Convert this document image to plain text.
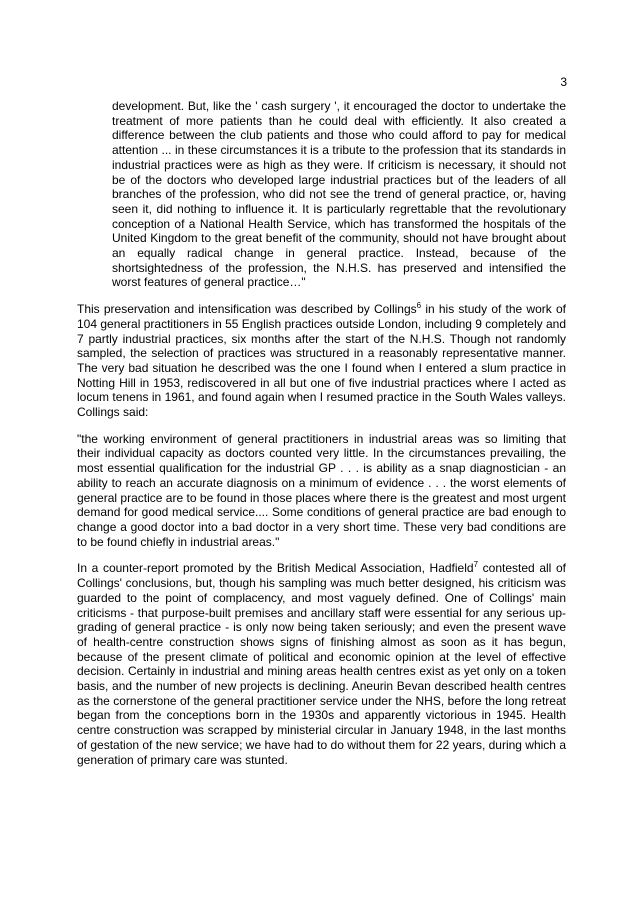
3
development. But, like the ' cash surgery ', it encouraged the doctor to undertake the treatment of more patients than he could deal with efficiently. It also created a difference between the club patients and those who could afford to pay for medical attention ... in these circumstances it is a tribute to the profession that its standards in industrial practices were as high as they were. If criticism is necessary, it should not be of the doctors who developed large industrial practices but of the leaders of all branches of the profession, who did not see the trend of general practice, or, having seen it, did nothing to influence it. It is particularly regrettable that the revolutionary conception of a National Health Service, which has transformed the hospitals of the United Kingdom to the great benefit of the community, should not have brought about an equally radical change in general practice. Instead, because of the shortsightedness of the profession, the N.H.S. has preserved and intensified the worst features of general practice…"

This preservation and intensification was described by Collings$^6$ in his study of the work of 104 general practitioners in 55 English practices outside London, including 9 completely and 7 partly industrial practices, six months after the start of the N.H.S. Though not randomly sampled, the selection of practices was structured in a reasonably representative manner. The very bad situation he described was the one I found when I entered a slum practice in Notting Hill in 1953, rediscovered in all but one of five industrial practices where I acted as locum tenens in 1961, and found again when I resumed practice in the South Wales valleys. Collings said:

"the working environment of general practitioners in industrial areas was so limiting that their individual capacity as doctors counted very little. In the circumstances prevailing, the most essential qualification for the industrial GP . . . is ability as a snap diagnostician - an ability to reach an accurate diagnosis on a minimum of evidence . . . the worst elements of general practice are to be found in those places where there is the greatest and most urgent demand for good medical service.... Some conditions of general practice are bad enough to change a good doctor into a bad doctor in a very short time. These very bad conditions are to be found chiefly in industrial areas."

In a counter-report promoted by the British Medical Association, Hadfield$^7$ contested all of Collings' conclusions, but, though his sampling was much better designed, his criticism was guarded to the point of complacency, and most vaguely defined. One of Collings' main criticisms - that purpose-built premises and ancillary staff were essential for any serious up-grading of general practice - is only now being taken seriously; and even the present wave of health-centre construction shows signs of finishing almost as soon as it has begun, because of the present climate of political and economic opinion at the level of effective decision. Certainly in industrial and mining areas health centres exist as yet only on a token basis, and the number of new projects is declining. Aneurin Bevan described health centres as the cornerstone of the general practitioner service under the NHS, before the long retreat began from the conceptions born in the 1930s and apparently victorious in 1945. Health centre construction was scrapped by ministerial circular in January 1948, in the last months of gestation of the new service; we have had to do without them for 22 years, during which a generation of primary care was stunted.
